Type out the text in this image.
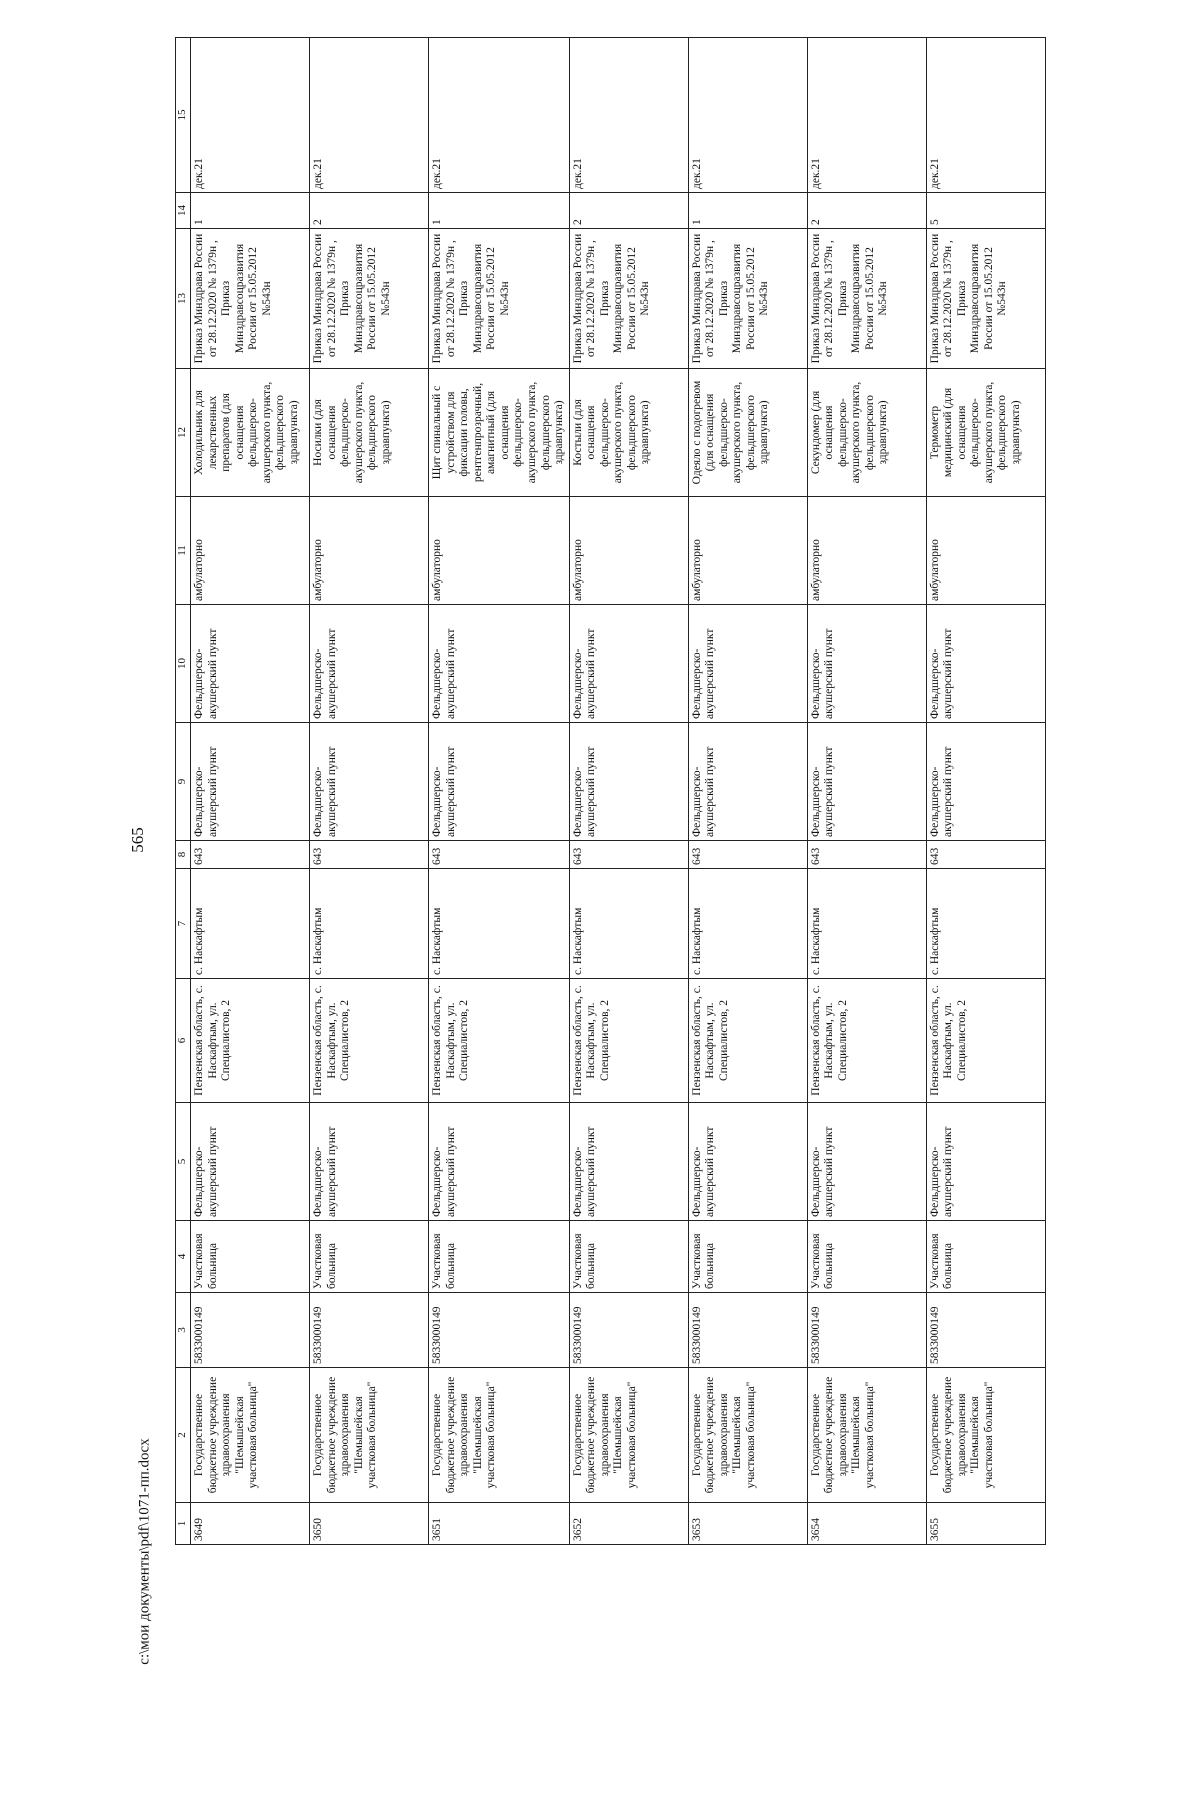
565
1	2	3	4	5	6	7	8	9	10	11	12	13	14	15
3649	Государственное бюджетное учреждение здравоохранения "Шемышейская участковая больница"	5833000149	Участковая больница	Фельдшерско-акушерский пункт	Пензенская область, с. Наскафтым, ул. Специалистов, 2	с. Наскафтым	643	Фельдшерско-акушерский пункт	Фельдшерско-акушерский пункт	амбулаторно	Холодильник для лекарственных препаратов (для оснащения фельдшерско-акушерского пункта, фельдшерского здравпункта)	Приказ Минздрава России от 28.12.2020 № 1379н , Приказ Минздравсоцразвития России от 15.05.2012 №543н	1	дек.21
3650	Государственное бюджетное учреждение здравоохранения "Шемышейская участковая больница"	5833000149	Участковая больница	Фельдшерско-акушерский пункт	Пензенская область, с. Наскафтым, ул. Специалистов, 2	с. Наскафтым	643	Фельдшерско-акушерский пункт	Фельдшерско-акушерский пункт	амбулаторно	Носилки (для оснащения фельдшерско-акушерского пункта, фельдшерского здравпункта)	Приказ Минздрава России от 28.12.2020 № 1379н , Приказ Минздравсоцразвития России от 15.05.2012 №543н	2	дек.21
3651	Государственное бюджетное учреждение здравоохранения "Шемышейская участковая больница"	5833000149	Участковая больница	Фельдшерско-акушерский пункт	Пензенская область, с. Наскафтым, ул. Специалистов, 2	с. Наскафтым	643	Фельдшерско-акушерский пункт	Фельдшерско-акушерский пункт	амбулаторно	Щит спинальный с устройством для фиксации головы, рентгенпрозрачный, амагнитный (для оснащения фельдшерско-акушерского пункта, фельдшерского здравпункта)	Приказ Минздрава России от 28.12.2020 № 1379н , Приказ Минздравсоцразвития России от 15.05.2012 №543н	1	дек.21
3652	Государственное бюджетное учреждение здравоохранения "Шемышейская участковая больница"	5833000149	Участковая больница	Фельдшерско-акушерский пункт	Пензенская область, с. Наскафтым, ул. Специалистов, 2	с. Наскафтым	643	Фельдшерско-акушерский пункт	Фельдшерско-акушерский пункт	амбулаторно	Костыли (для оснащения фельдшерско-акушерского пункта, фельдшерского здравпункта)	Приказ Минздрава России от 28.12.2020 № 1379н , Приказ Минздравсоцразвития России от 15.05.2012 №543н	2	дек.21
3653	Государственное бюджетное учреждение здравоохранения "Шемышейская участковая больница"	5833000149	Участковая больница	Фельдшерско-акушерский пункт	Пензенская область, с. Наскафтым, ул. Специалистов, 2	с. Наскафтым	643	Фельдшерско-акушерский пункт	Фельдшерско-акушерский пункт	амбулаторно	Одеяло с подогревом (для оснащения фельдшерско-акушерского пункта, фельдшерского здравпункта)	Приказ Минздрава России от 28.12.2020 № 1379н , Приказ Минздравсоцразвития России от 15.05.2012 №543н	1	дек.21
3654	Государственное бюджетное учреждение здравоохранения "Шемышейская участковая больница"	5833000149	Участковая больница	Фельдшерско-акушерский пункт	Пензенская область, с. Наскафтым, ул. Специалистов, 2	с. Наскафтым	643	Фельдшерско-акушерский пункт	Фельдшерско-акушерский пункт	амбулаторно	Секундомер (для оснащения фельдшерско-акушерского пункта, фельдшерского здравпункта)	Приказ Минздрава России от 28.12.2020 № 1379н , Приказ Минздравсоцразвития России от 15.05.2012 №543н	2	дек.21
3655	Государственное бюджетное учреждение здравоохранения "Шемышейская участковая больница"	5833000149	Участковая больница	Фельдшерско-акушерский пункт	Пензенская область, с. Наскафтым, ул. Специалистов, 2	с. Наскафтым	643	Фельдшерско-акушерский пункт	Фельдшерско-акушерский пункт	амбулаторно	Термометр медицинский (для оснащения фельдшерско-акушерского пункта, фельдшерского здравпункта)	Приказ Минздрава России от 28.12.2020 № 1379н , Приказ Минздравсоцразвития России от 15.05.2012 №543н	5	дек.21
c:\мои документы\pdf\1071-пп.docx
